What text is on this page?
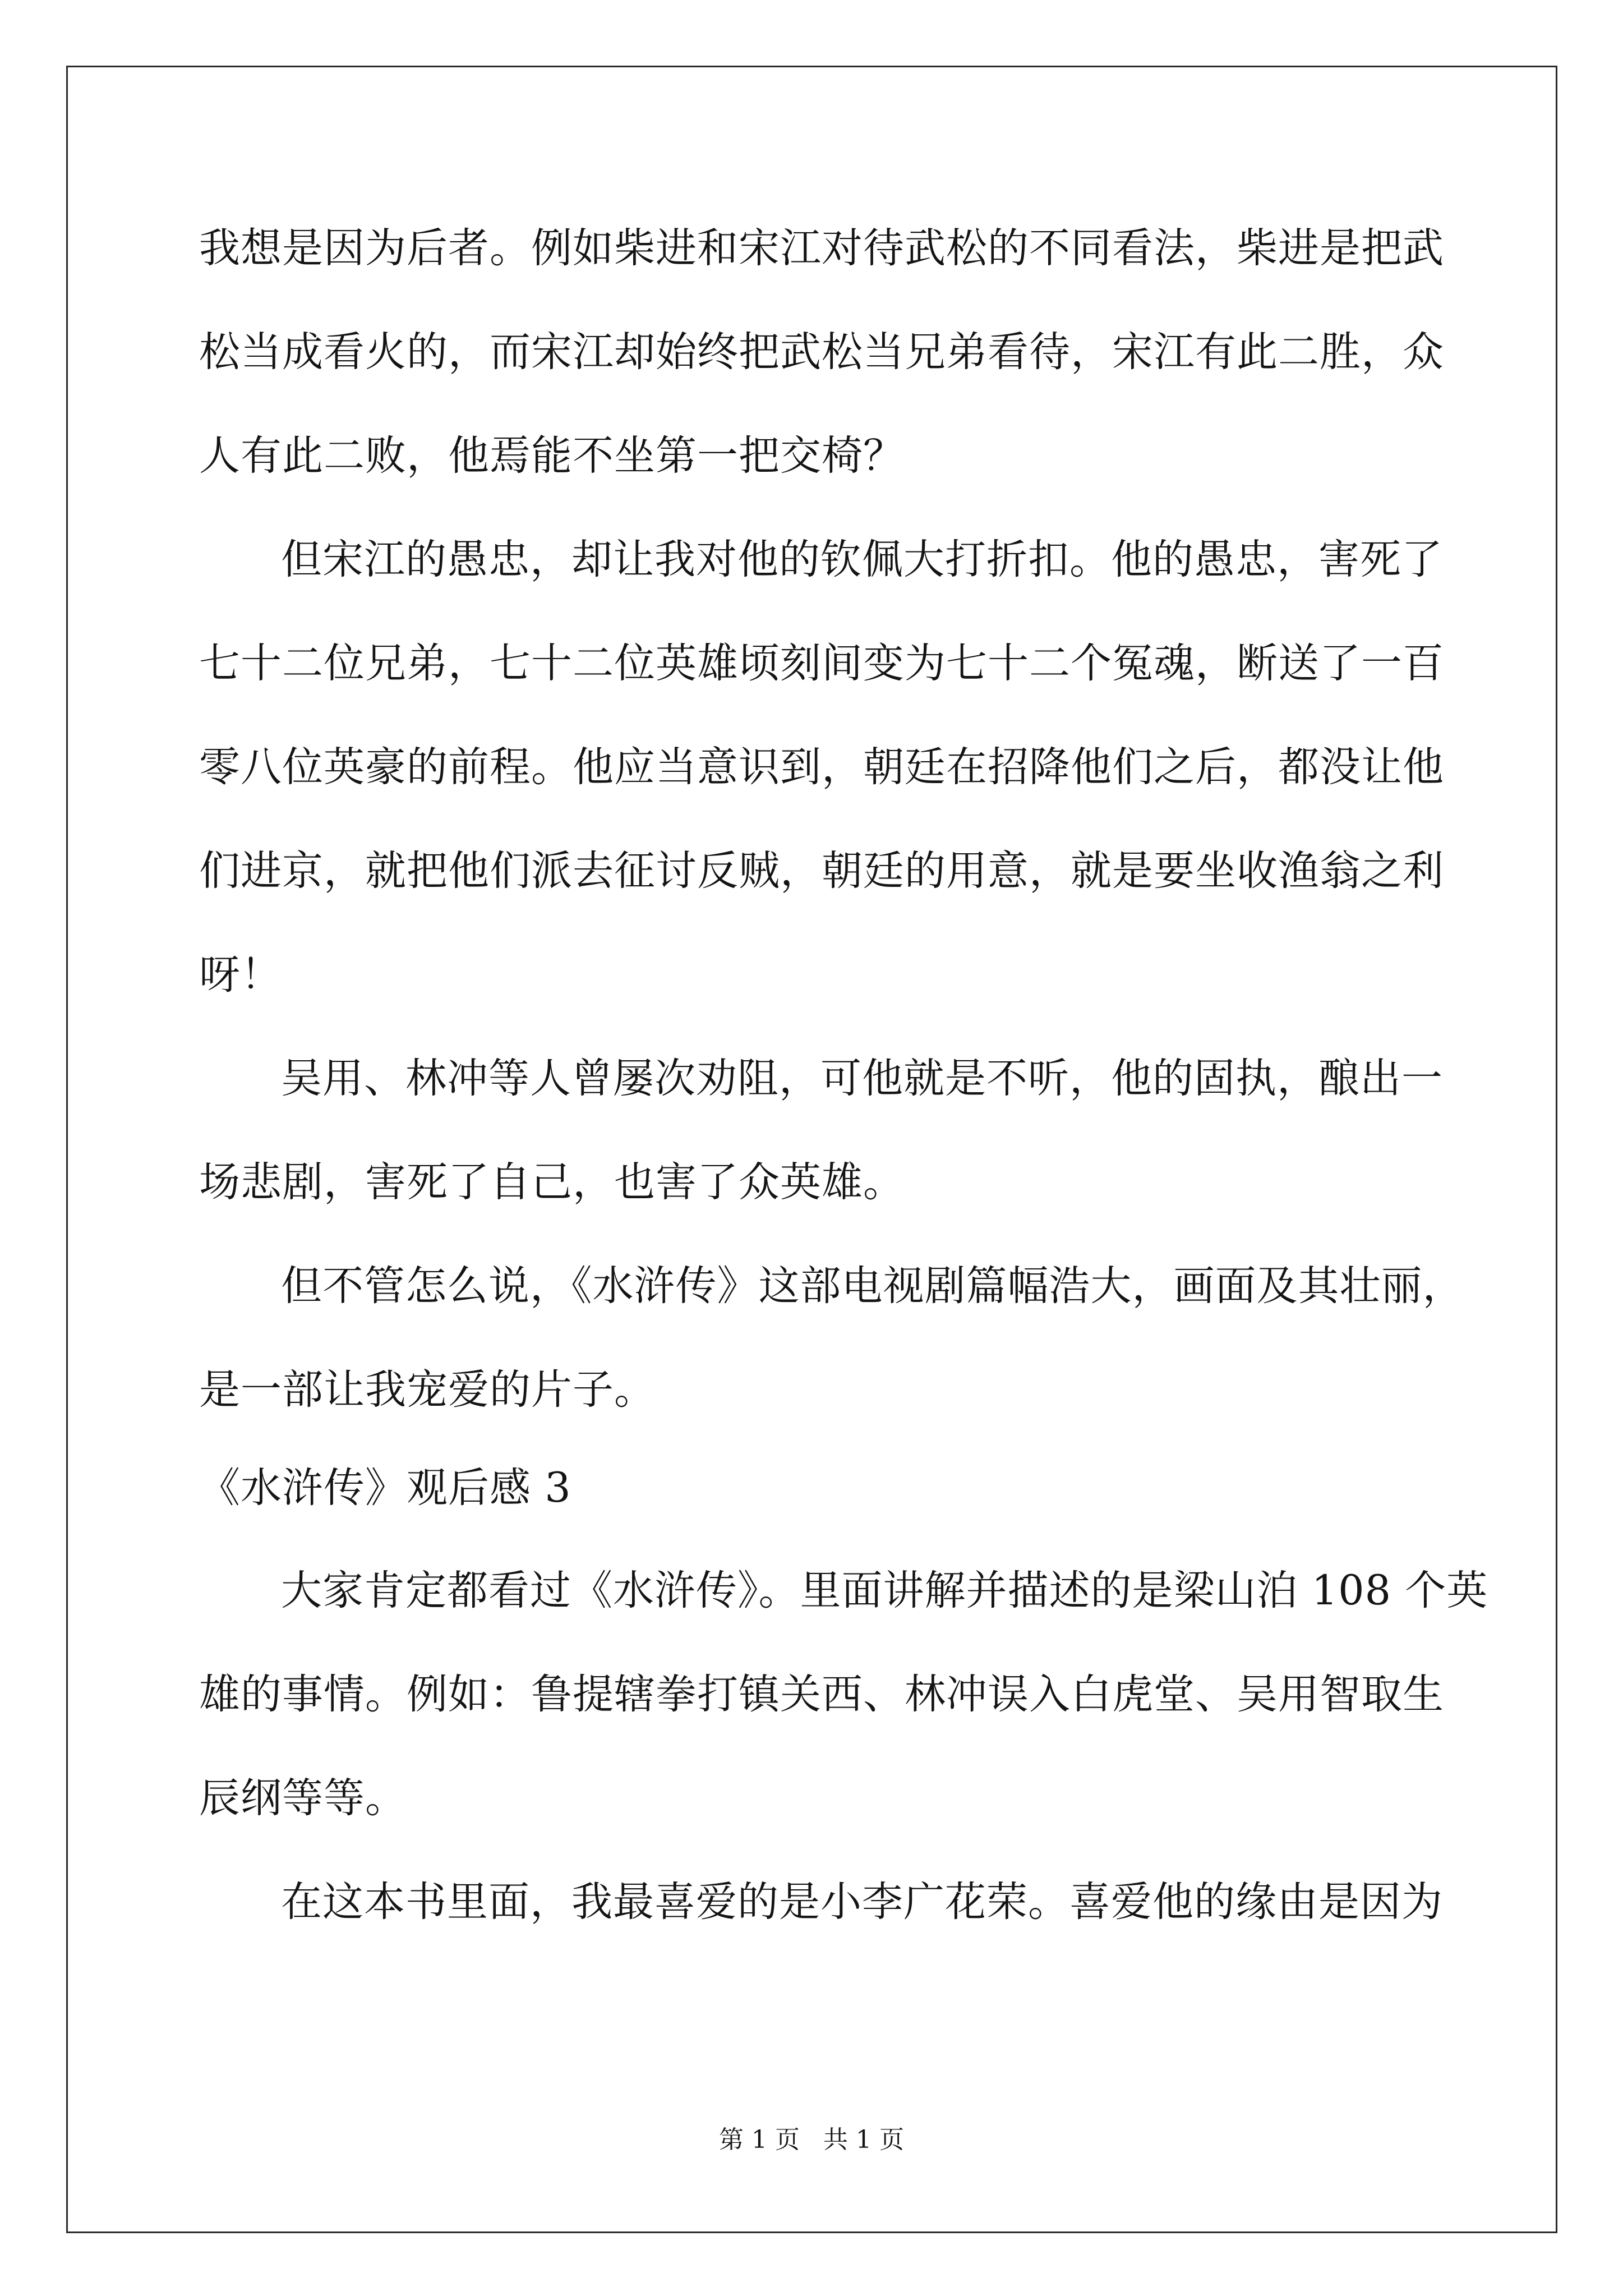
我想是因为后者。例如柴进和宋江对待武松的不同看法，柴进是把武
松当成看火的，而宋江却始终把武松当兄弟看待，宋江有此二胜，众
人有此二败，他焉能不坐第一把交椅？
但宋江的愚忠，却让我对他的钦佩大打折扣。他的愚忠，害死了
七十二位兄弟，七十二位英雄顷刻间变为七十二个冤魂，断送了一百
零八位英豪的前程。他应当意识到，朝廷在招降他们之后，都没让他
们进京，就把他们派去征讨反贼，朝廷的用意，就是要坐收渔翁之利
呀！
吴用、林冲等人曾屡次劝阻，可他就是不听，他的固执，酿出一
场悲剧，害死了自己，也害了众英雄。
但不管怎么说，《水浒传》这部电视剧篇幅浩大，画面及其壮丽，
是一部让我宠爱的片子。
《水浒传》观后感 3
大家肯定都看过《水浒传》。里面讲解并描述的是梁山泊 108 个英
雄的事情。例如：鲁提辖拳打镇关西、林冲误入白虎堂、吴用智取生
辰纲等等。
在这本书里面，我最喜爱的是小李广花荣。喜爱他的缘由是因为
第 1 页   共 1 页
